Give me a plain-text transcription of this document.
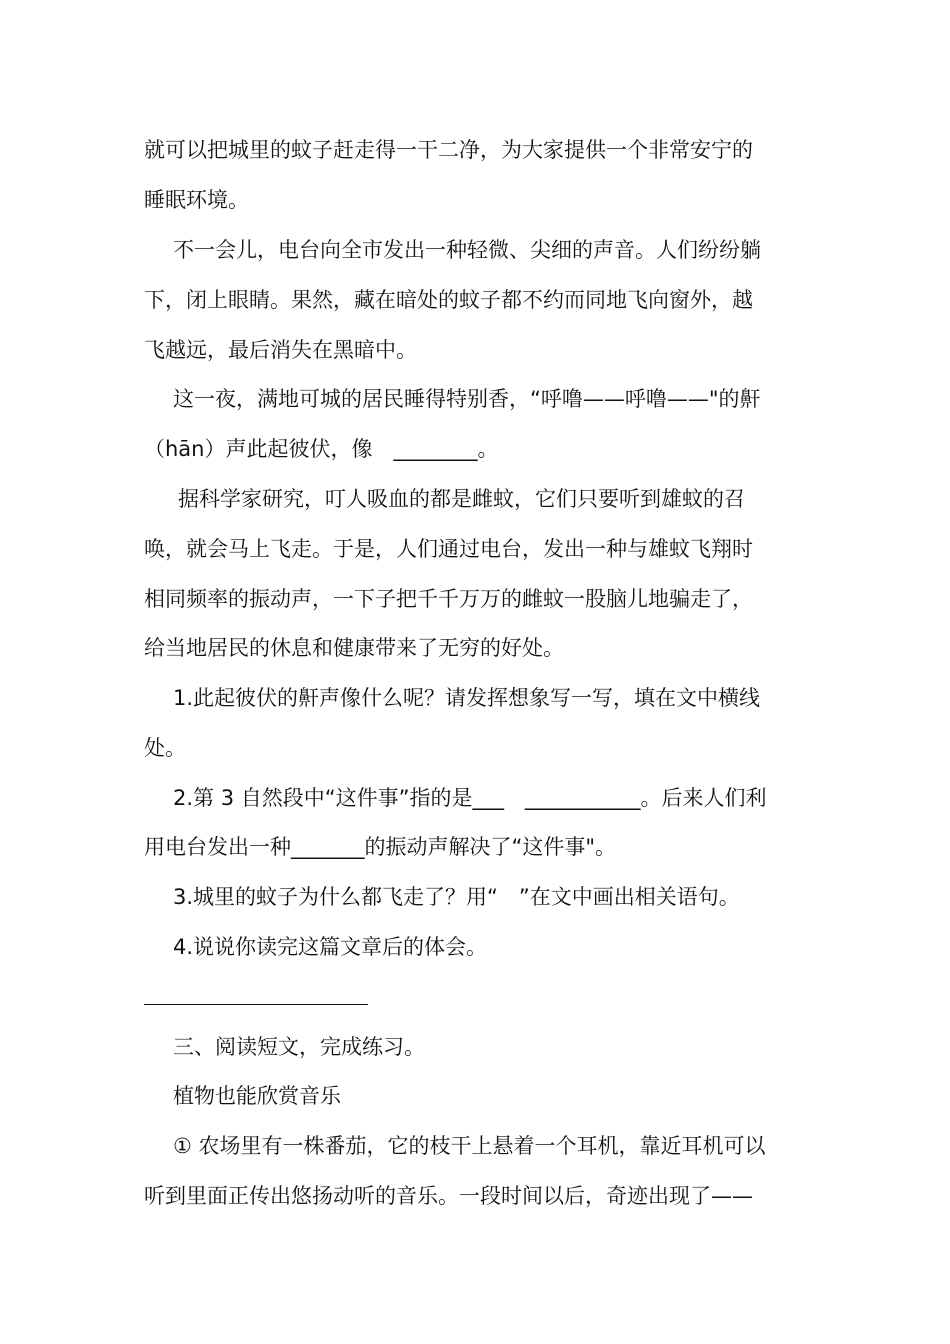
就可以把城里的蚊子赶走得一干二净，为大家提供一个非常安宁的
睡眠环境。
不一会儿，电台向全市发出一种轻微、尖细的声音。人们纷纷躺
下，闭上眼睛。果然，藏在暗处的蚊子都不约而同地飞向窗外，越
飞越远，最后消失在黑暗中。
这一夜，满地可城的居民睡得特别香，“呼噜——呼噜——"的鼾
（hān）声此起彼伏，像　________。
据科学家研究，叮人吸血的都是雌蚊，它们只要听到雄蚊的召
唤，就会马上飞走。于是，人们通过电台，发出一种与雄蚊飞翔时
相同频率的振动声，一下子把千千万万的雌蚊一股脑儿地骗走了，
给当地居民的休息和健康带来了无穷的好处。
1.此起彼伏的鼾声像什么呢？请发挥想象写一写，填在文中横线
处。
2.第 3 自然段中“这件事”指的是___　___________。后来人们利
用电台发出一种_______的振动声解决了“这件事"。
3.城里的蚊子为什么都飞走了？用“　”在文中画出相关语句。
4.说说你读完这篇文章后的体会。
三、阅读短文，完成练习。
植物也能欣赏音乐
① 农场里有一株番茄，它的枝干上悬着一个耳机，靠近耳机可以
听到里面正传出悠扬动听的音乐。一段时间以后，奇迹出现了——
